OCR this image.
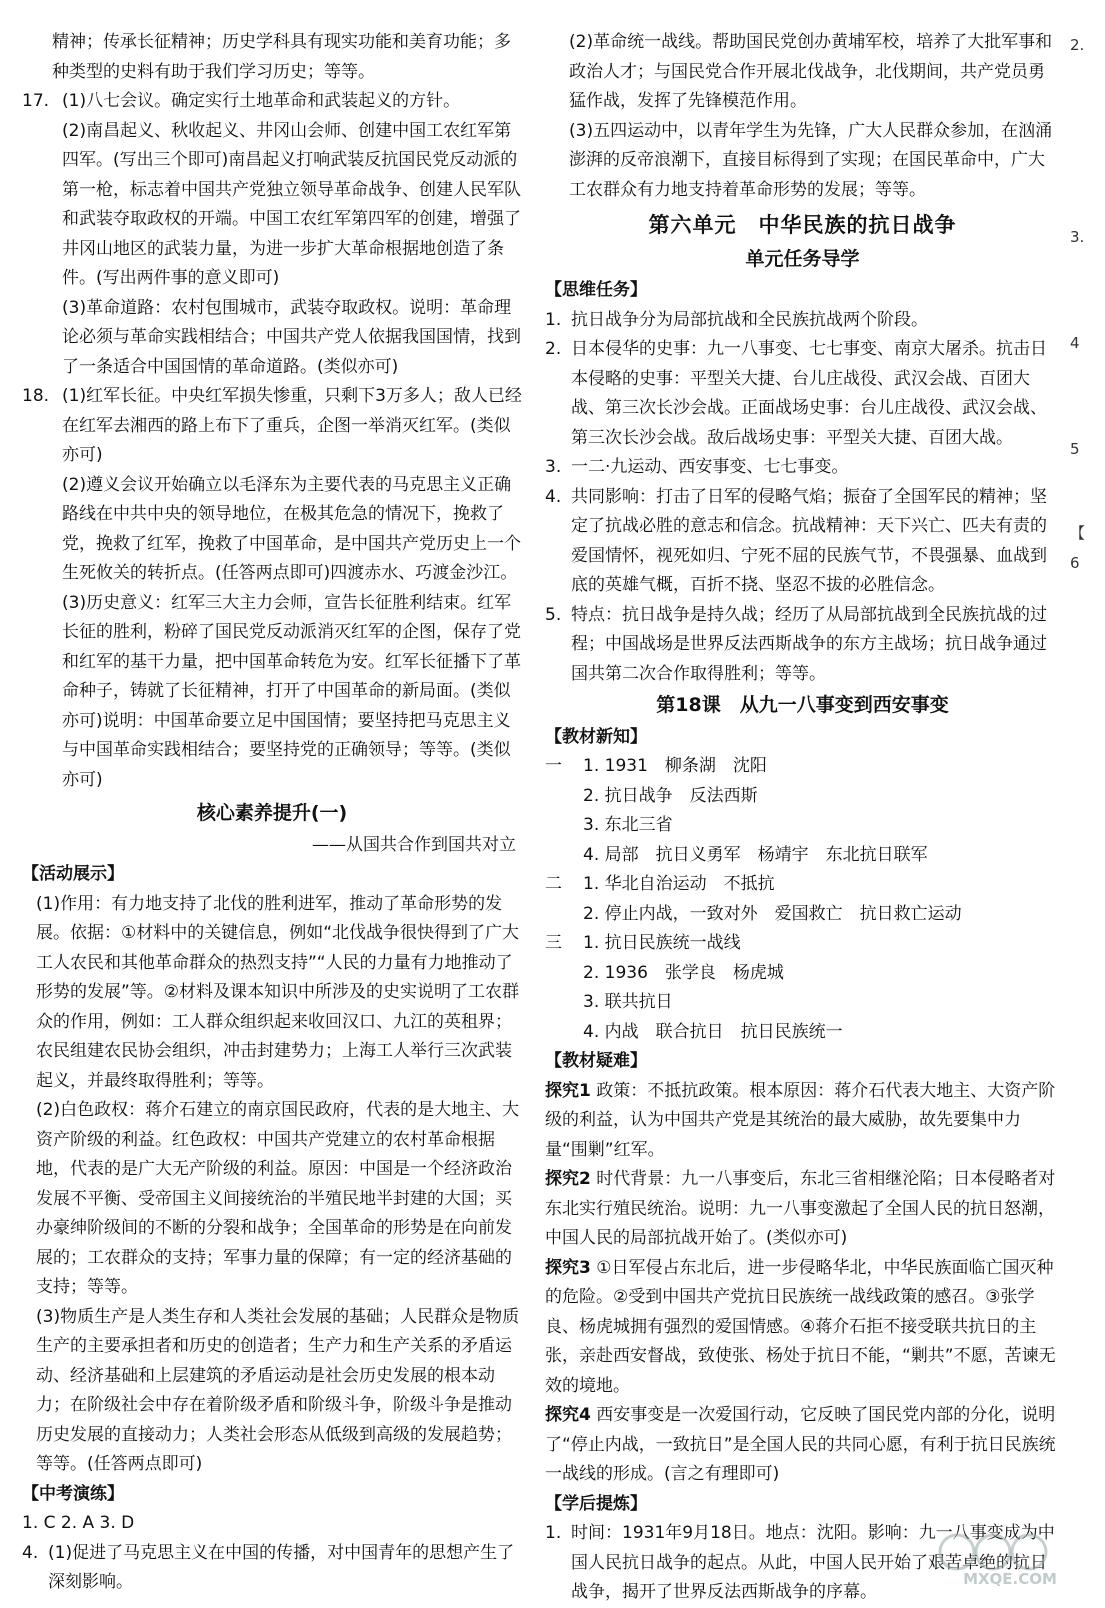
精神；传承长征精神；历史学科具有现实功能和美育功能；多种类型的史料有助于我们学习历史；等等。

17. (1)八七会议。确定实行土地革命和武装起义的方针。

(2)南昌起义、秋收起义、井冈山会师、创建中国工农红军第四军。(写出三个即可)南昌起义打响武装反抗国民党反动派的第一枪，标志着中国共产党独立领导革命战争、创建人民军队和武装夺取政权的开端。中国工农红军第四军的创建，增强了井冈山地区的武装力量，为进一步扩大革命根据地创造了条件。(写出两件事的意义即可)

(3)革命道路：农村包围城市，武装夺取政权。说明：革命理论必须与革命实践相结合；中国共产党人依据我国国情，找到了一条适合中国国情的革命道路。(类似亦可)

18. (1)红军长征。中央红军损失惨重，只剩下3万多人；敌人已经在红军去湘西的路上布下了重兵，企图一举消灭红军。(类似亦可)

(2)遵义会议开始确立以毛泽东为主要代表的马克思主义正确路线在中共中央的领导地位，在极其危急的情况下，挽救了党，挽救了红军，挽救了中国革命，是中国共产党历史上一个生死攸关的转折点。(任答两点即可)四渡赤水、巧渡金沙江。

(3)历史意义：红军三大主力会师，宣告长征胜利结束。红军长征的胜利，粉碎了国民党反动派消灭红军的企图，保存了党和红军的基干力量，把中国革命转危为安。红军长征播下了革命种子，铸就了长征精神，打开了中国革命的新局面。(类似亦可)说明：中国革命要立足中国国情；要坚持把马克思主义与中国革命实践相结合；要坚持党的正确领导；等等。(类似亦可)

核心素养提升(一)
——从国共合作到国共对立

【活动展示】

(1)作用：有力地支持了北伐的胜利进军，推动了革命形势的发展。依据：①材料中的关键信息，例如“北伐战争很快得到了广大工人农民和其他革命群众的热烈支持”“人民的力量有力地推动了形势的发展”等。②材料及课本知识中所涉及的史实说明了工农群众的作用，例如：工人群众组织起来收回汉口、九江的英租界；农民组建农民协会组织，冲击封建势力；上海工人举行三次武装起义，并最终取得胜利；等等。

(2)白色政权：蒋介石建立的南京国民政府，代表的是大地主、大资产阶级的利益。红色政权：中国共产党建立的农村革命根据地，代表的是广大无产阶级的利益。原因：中国是一个经济政治发展不平衡、受帝国主义间接统治的半殖民地半封建的大国；买办豪绅阶级间的不断的分裂和战争；全国革命的形势是在向前发展的；工农群众的支持；军事力量的保障；有一定的经济基础的支持；等等。

(3)物质生产是人类生存和人类社会发展的基础；人民群众是物质生产的主要承担者和历史的创造者；生产力和生产关系的矛盾运动、经济基础和上层建筑的矛盾运动是社会历史发展的根本动力；在阶级社会中存在着阶级矛盾和阶级斗争，阶级斗争是推动历史发展的直接动力；人类社会形态从低级到高级的发展趋势；等等。(任答两点即可)

【中考演练】

1. C 2. A 3. D

4. (1)促进了马克思主义在中国的传播，对中国青年的思想产生了深刻影响。

(2)革命统一战线。帮助国民党创办黄埔军校，培养了大批军事和政治人才；与国民党合作开展北伐战争，北伐期间，共产党员勇猛作战，发挥了先锋模范作用。

(3)五四运动中，以青年学生为先锋，广大人民群众参加，在汹涌澎湃的反帝浪潮下，直接目标得到了实现；在国民革命中，广大工农群众有力地支持着革命形势的发展；等等。

第六单元　中华民族的抗日战争
单元任务导学

【思维任务】

1. 抗日战争分为局部抗战和全民族抗战两个阶段。

2. 日本侵华的史事：九一八事变、七七事变、南京大屠杀。抗击日本侵略的史事：平型关大捷、台儿庄战役、武汉会战、百团大战、第三次长沙会战。正面战场史事：台儿庄战役、武汉会战、第三次长沙会战。敌后战场史事：平型关大捷、百团大战。

3. 一二·九运动、西安事变、七七事变。

4. 共同影响：打击了日军的侵略气焰；振奋了全国军民的精神；坚定了抗战必胜的意志和信念。抗战精神：天下兴亡、匹夫有责的爱国情怀，视死如归、宁死不屈的民族气节，不畏强暴、血战到底的英雄气概，百折不挠、坚忍不拔的必胜信念。

5. 特点：抗日战争是持久战；经历了从局部抗战到全民族抗战的过程；中国战场是世界反法西斯战争的东方主战场；抗日战争通过国共第二次合作取得胜利；等等。

第18课　从九一八事变到西安事变

【教材新知】

一	1. 1931　柳条湖　沈阳
2. 抗日战争　反法西斯
3. 东北三省
4. 局部　抗日义勇军　杨靖宇　东北抗日联军
二	1. 华北自治运动　不抵抗
2. 停止内战，一致对外　爱国救亡　抗日救亡运动
三	1. 抗日民族统一战线
2. 1936　张学良　杨虎城
3. 联共抗日
4. 内战　联合抗日　抗日民族统一

【教材疑难】

探究1 政策：不抵抗政策。根本原因：蒋介石代表大地主、大资产阶级的利益，认为中国共产党是其统治的最大威胁，故先要集中力量“围剿”红军。

探究2 时代背景：九一八事变后，东北三省相继沦陷；日本侵略者对东北实行殖民统治。说明：九一八事变激起了全国人民的抗日怒潮，中国人民的局部抗战开始了。(类似亦可)

探究3 ①日军侵占东北后，进一步侵略华北，中华民族面临亡国灭种的危险。②受到中国共产党抗日民族统一战线政策的感召。③张学良、杨虎城拥有强烈的爱国情感。④蒋介石拒不接受联共抗日的主张，亲赴西安督战，致使张、杨处于抗日不能，“剿共”不愿，苦谏无效的境地。

探究4 西安事变是一次爱国行动，它反映了国民党内部的分化，说明了“停止内战，一致抗日”是全国人民的共同心愿，有利于抗日民族统一战线的形成。(言之有理即可)

【学后提炼】

1. 时间：1931年9月18日。地点：沈阳。影响：九一八事变成为中国人民抗日战争的起点。从此，中国人民开始了艰苦卓绝的抗日战争，揭开了世界反法西斯战争的序幕。

2.
3.
4
5
【
6
MXQE.COM
